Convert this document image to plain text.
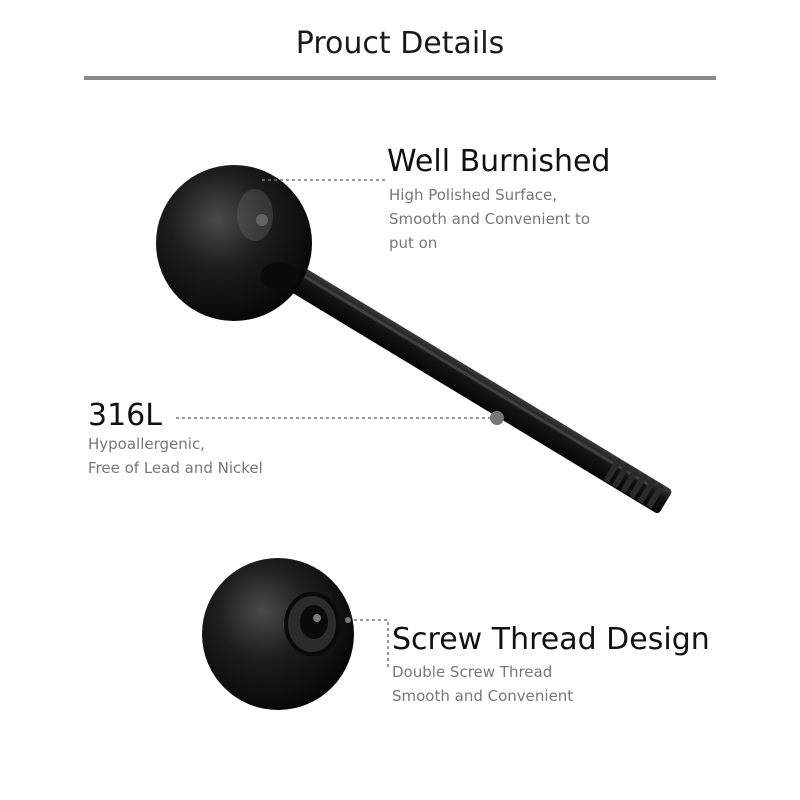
Prouct Details
Well Burnished
High Polished Surface,
Smooth and Convenient to
put on
316L
Hypoallergenic,
Free of Lead and Nickel
Screw Thread Design
Double Screw Thread
Smooth and Convenient
